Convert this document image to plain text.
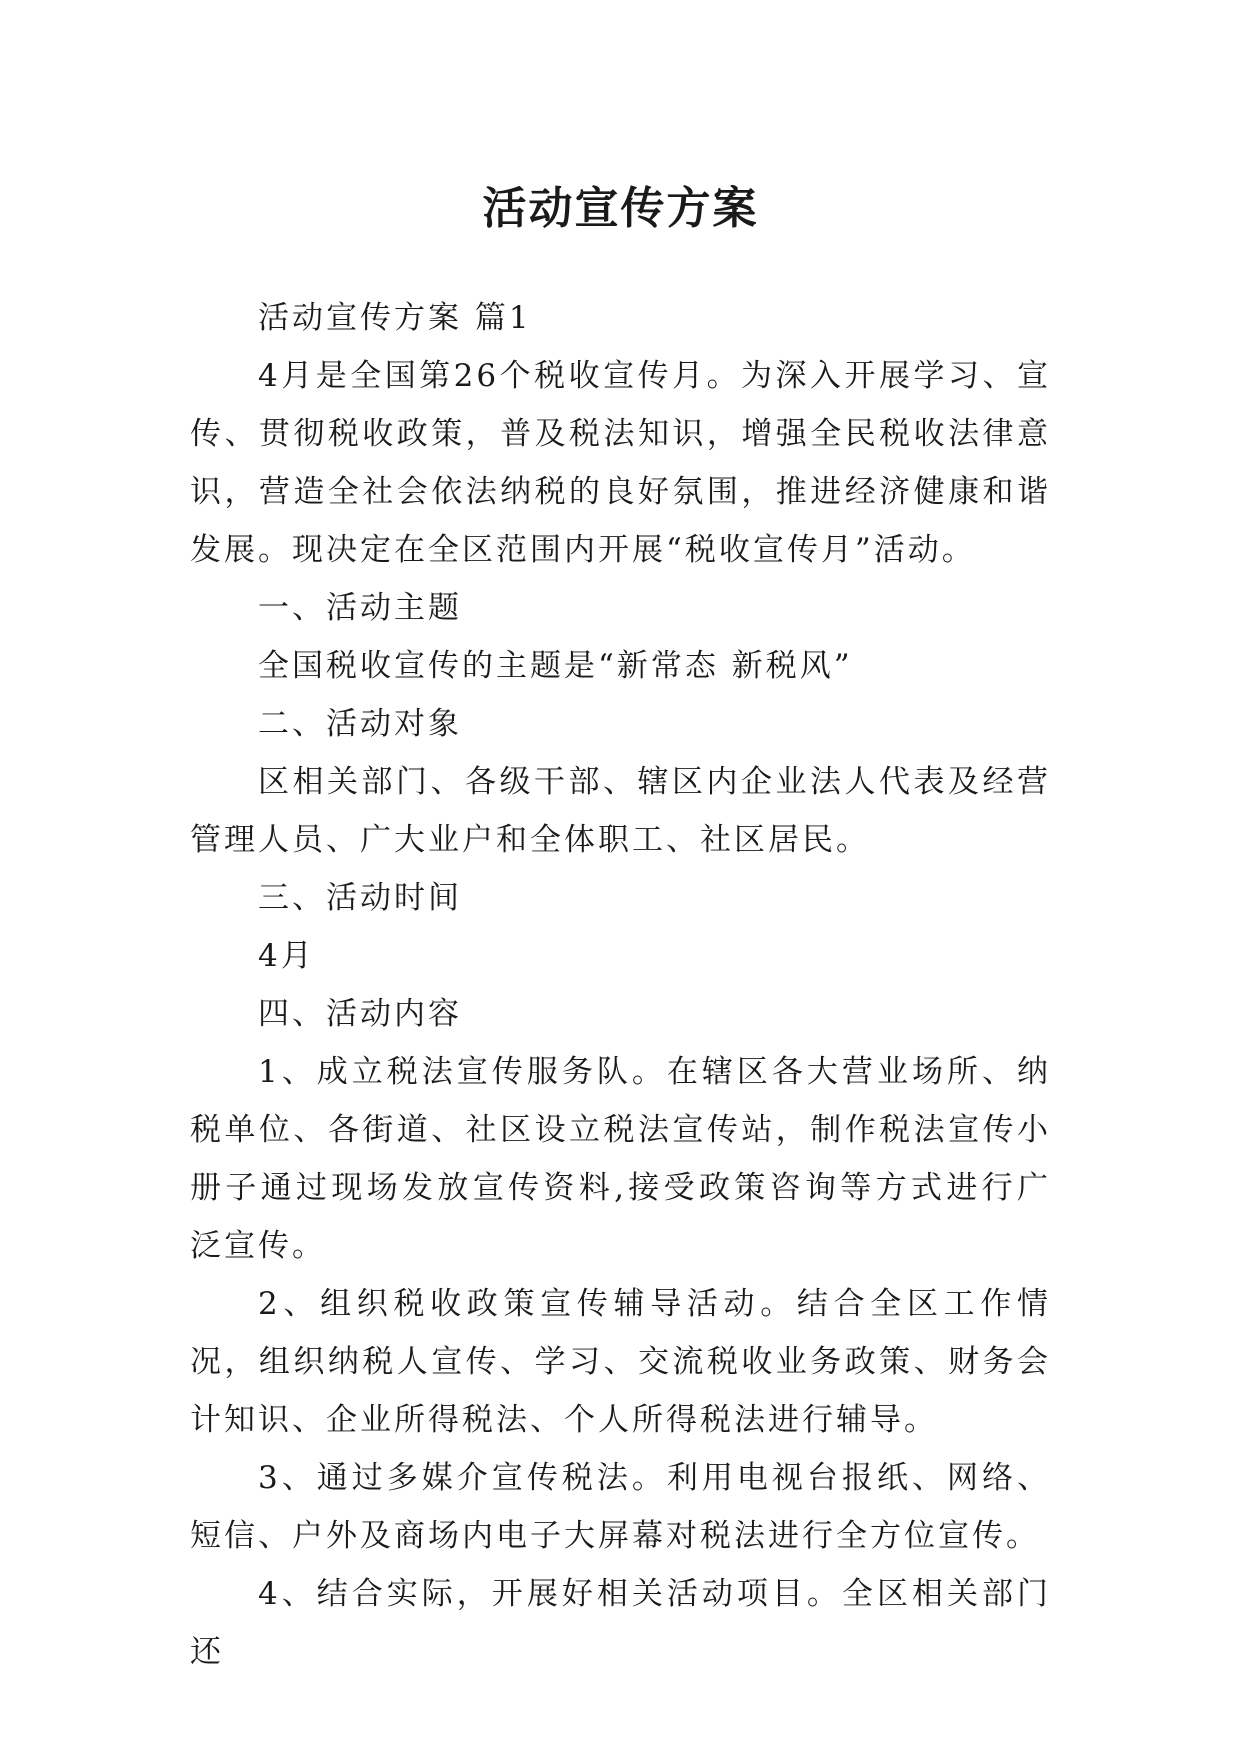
活动宣传方案

活动宣传方案 篇1

4月是全国第26个税收宣传月。为深入开展学习、宣传、贯彻税收政策，普及税法知识，增强全民税收法律意识，营造全社会依法纳税的良好氛围，推进经济健康和谐发展。现决定在全区范围内开展“税收宣传月”活动。

一、活动主题

全国税收宣传的主题是“新常态 新税风”

二、活动对象

区相关部门、各级干部、辖区内企业法人代表及经营管理人员、广大业户和全体职工、社区居民。

三、活动时间

4月

四、活动内容

1、成立税法宣传服务队。在辖区各大营业场所、纳税单位、各街道、社区设立税法宣传站，制作税法宣传小册子通过现场发放宣传资料,接受政策咨询等方式进行广泛宣传。

2、组织税收政策宣传辅导活动。结合全区工作情况，组织纳税人宣传、学习、交流税收业务政策、财务会计知识、企业所得税法、个人所得税法进行辅导。

3、通过多媒介宣传税法。利用电视台报纸、网络、短信、户外及商场内电子大屏幕对税法进行全方位宣传。

4、结合实际，开展好相关活动项目。全区相关部门还
